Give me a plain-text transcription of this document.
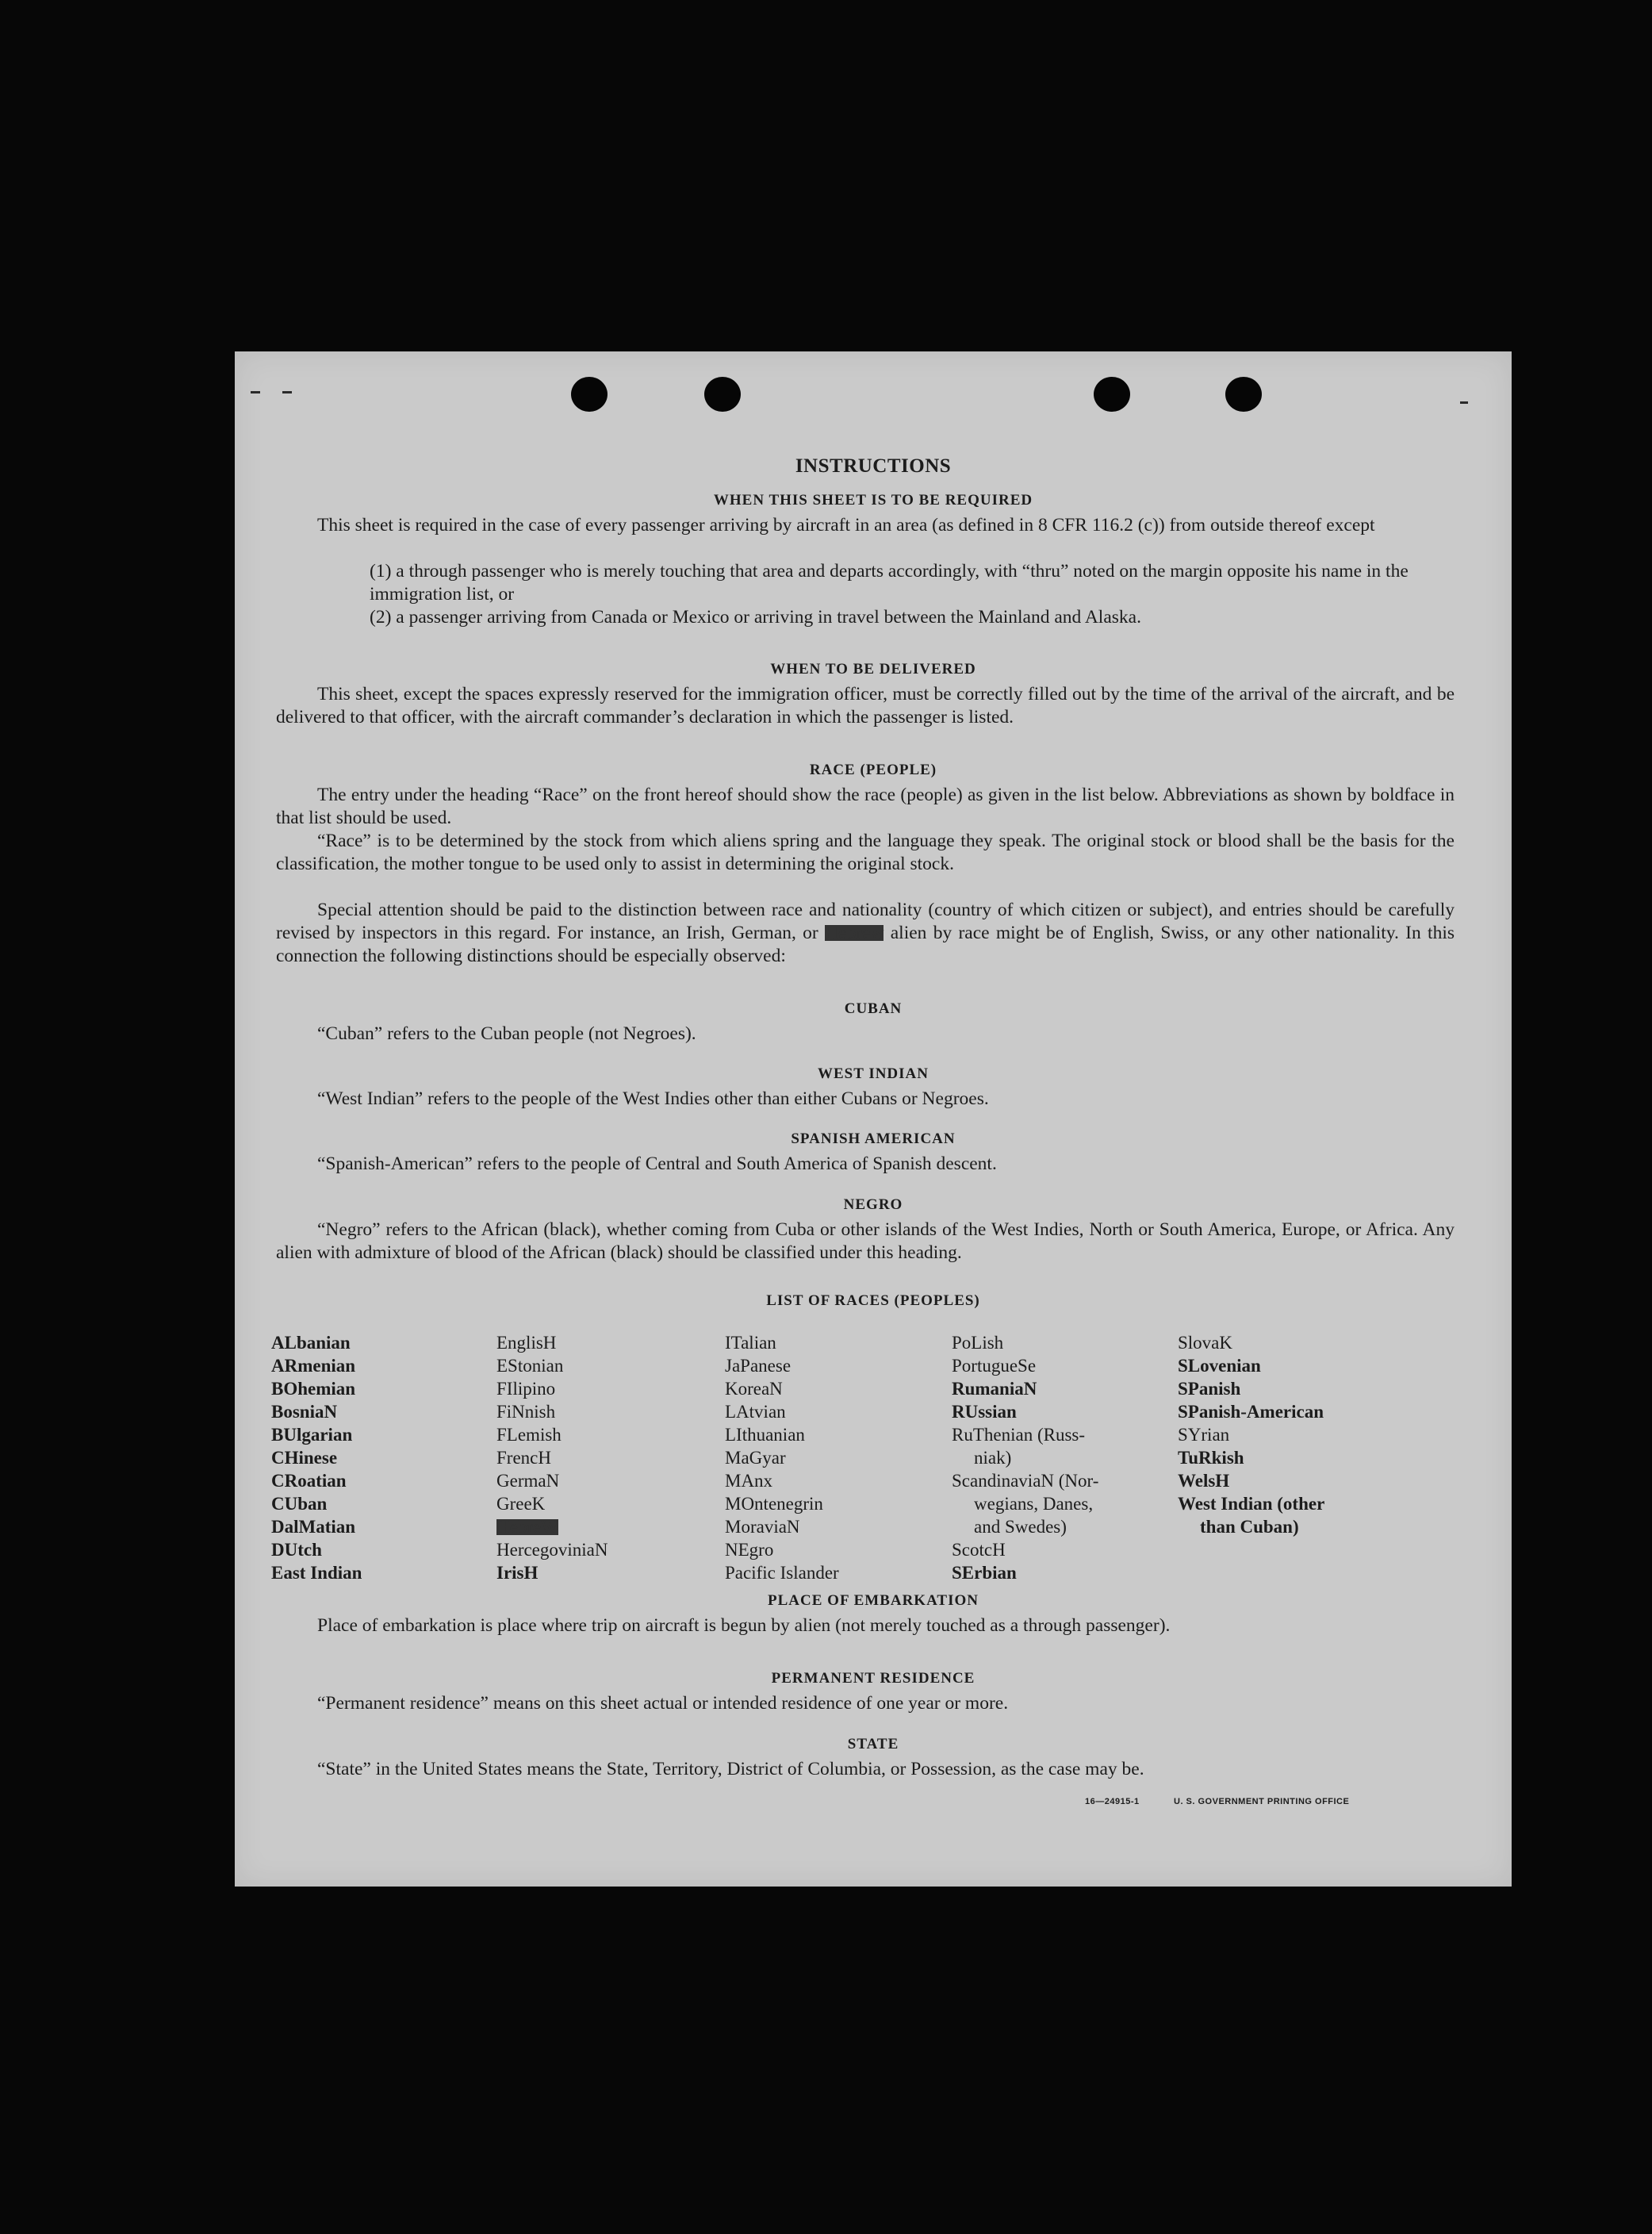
INSTRUCTIONS
WHEN THIS SHEET IS TO BE REQUIRED
This sheet is required in the case of every passenger arriving by aircraft in an area (as defined in 8 CFR 116.2 (c)) from outside thereof except
(1) a through passenger who is merely touching that area and departs accordingly, with “thru” noted on the margin opposite his name in the immigration list, or
(2) a passenger arriving from Canada or Mexico or arriving in travel between the Mainland and Alaska.
WHEN TO BE DELIVERED
This sheet, except the spaces expressly reserved for the immigration officer, must be correctly filled out by the time of the arrival of the aircraft, and be delivered to that officer, with the aircraft commander’s declaration in which the passenger is listed.
RACE (PEOPLE)
The entry under the heading “Race” on the front hereof should show the race (people) as given in the list below. Abbreviations as shown by boldface in that list should be used.
“Race” is to be determined by the stock from which aliens spring and the language they speak. The original stock or blood shall be the basis for the classification, the mother tongue to be used only to assist in determining the original stock.
Special attention should be paid to the distinction between race and nationality (country of which citizen or subject), and entries should be carefully revised by inspectors in this regard. For instance, an Irish, German, or Hebrew alien by race might be of English, Swiss, or any other nationality. In this connection the following distinctions should be especially observed:
CUBAN
“Cuban” refers to the Cuban people (not Negroes).
WEST INDIAN
“West Indian” refers to the people of the West Indies other than either Cubans or Negroes.
SPANISH AMERICAN
“Spanish-American” refers to the people of Central and South America of Spanish descent.
NEGRO
“Negro” refers to the African (black), whether coming from Cuba or other islands of the West Indies, North or South America, Europe, or Africa. Any alien with admixture of blood of the African (black) should be classified under this heading.
LIST OF RACES (PEOPLES)
ALbanian
ARmenian
BOhemian
BosniaN
BUlgarian
CHinese
CRoatian
CUban
DalMatian
DUtch
East Indian
EnglisH
EStonian
FIlipino
FiNnish
FLemish
FrencH
GermaN
GreeK
HebreW
HercegoviniaN
IrisH
ITalian
JaPanese
KoreaN
LAtvian
LIthuanian
MaGyar
MAnx
MOntenegrin
MoraviaN
NEgro
Pacific Islander
PoLish
PortugueSe
RumaniaN
RUssian
RuThenian (Russ-
niak)
ScandinaviaN (Nor-
wegians, Danes,
and Swedes)
ScotcH
SErbian
SlovaK
SLovenian
SPanish
SPanish-American
SYrian
TuRkish
WelsH
West Indian (other
than Cuban)
PLACE OF EMBARKATION
Place of embarkation is place where trip on aircraft is begun by alien (not merely touched as a through passenger).
PERMANENT RESIDENCE
“Permanent residence” means on this sheet actual or intended residence of one year or more.
STATE
“State” in the United States means the State, Territory, District of Columbia, or Possession, as the case may be.
16—24915-1	U. S. GOVERNMENT PRINTING OFFICE
